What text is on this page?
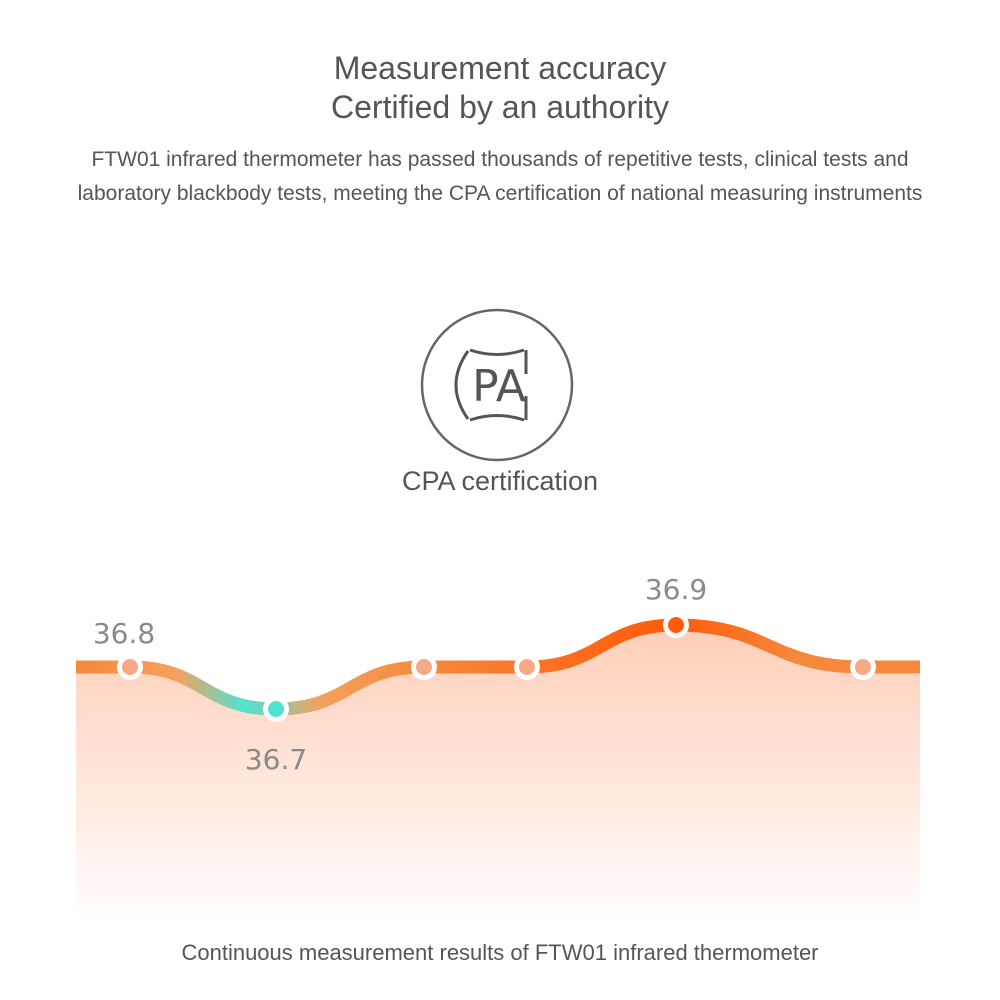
Measurement accuracy
Certified by an authority
FTW01 infrared thermometer has passed thousands of repetitive tests, clinical tests and laboratory blackbody tests, meeting the CPA certification of national measuring instruments
PA
CPA certification
36.8
36.7
36.9
Continuous measurement results of FTW01 infrared thermometer
